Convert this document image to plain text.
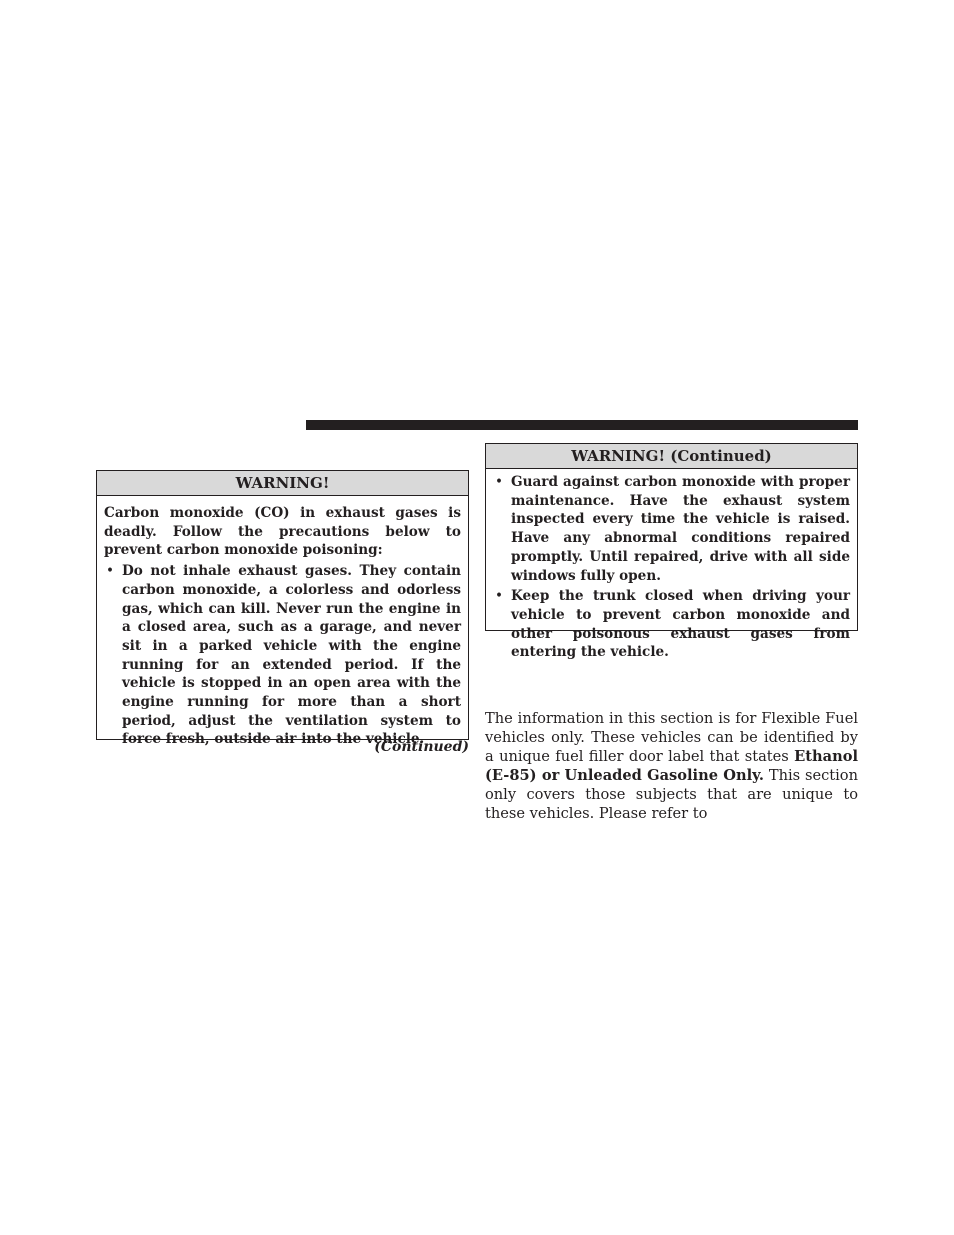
WARNING!

Carbon monoxide (CO) in exhaust gases is deadly. Follow the precautions below to prevent carbon monoxide poisoning:

• Do not inhale exhaust gases. They contain carbon monoxide, a colorless and odorless gas, which can kill. Never run the engine in a closed area, such as a garage, and never sit in a parked vehicle with the engine running for an extended period. If the vehicle is stopped in an open area with the engine running for more than a short period, adjust the ventilation system to force fresh, outside air into the vehicle.
(Continued)
WARNING! (Continued)
• Guard against carbon monoxide with proper maintenance. Have the exhaust system inspected every time the vehicle is raised. Have any abnormal conditions repaired promptly. Until repaired, drive with all side windows fully open.
• Keep the trunk closed when driving your vehicle to prevent carbon monoxide and other poisonous exhaust gases from entering the vehicle.

The information in this section is for Flexible Fuel vehicles only. These vehicles can be identified by a unique fuel filler door label that states Ethanol (E-85) or Unleaded Gasoline Only. This section only covers those subjects that are unique to these vehicles. Please refer to
